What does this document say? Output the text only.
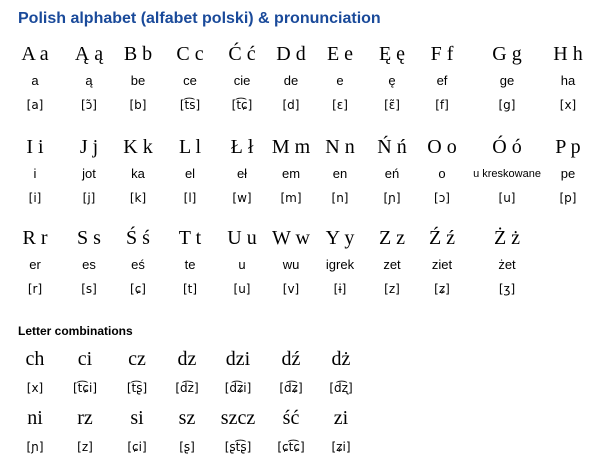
Polish alphabet (alfabet polski) & pronunciation
Letter combinations
A a
a
[a]
Ą ą
ą
[ɔ̃]
B b
be
[b]
C c
ce
[t͡s]
Ć ć
cie
[t͡ɕ]
D d
de
[d]
E e
e
[ɛ]
Ę ę
ę
[ɛ̃]
F f
ef
[f]
G g
ge
[g]
H h
ha
[x]
I i
i
[i]
J j
jot
[j]
K k
ka
[k]
L l
el
[l]
Ł ł
eł
[w]
M m
em
[m]
N n
en
[n]
Ń ń
eń
[ɲ]
O o
o
[ɔ]
Ó ó
u kreskowane
[u]
P p
pe
[p]
R r
er
[r]
S s
es
[s]
Ś ś
eś
[ɕ]
T t
te
[t]
U u
u
[u]
W w
wu
[v]
Y y
igrek
[ɨ]
Z z
zet
[z]
Ź ź
ziet
[ʑ]
Ż ż
żet
[ʒ]
ch
[x]
ci
[t͡ɕi]
cz
[t͡ʂ]
dz
[d͡z]
dzi
[d͡ʑi]
dź
[d͡ʑ]
dż
[d͡ʐ]
ni
[ɲ]
rz
[z]
si
[ɕi]
sz
[ʂ]
szcz
[ʂt͡ʂ]
ść
[ɕt͡ɕ]
zi
[ʑi]
